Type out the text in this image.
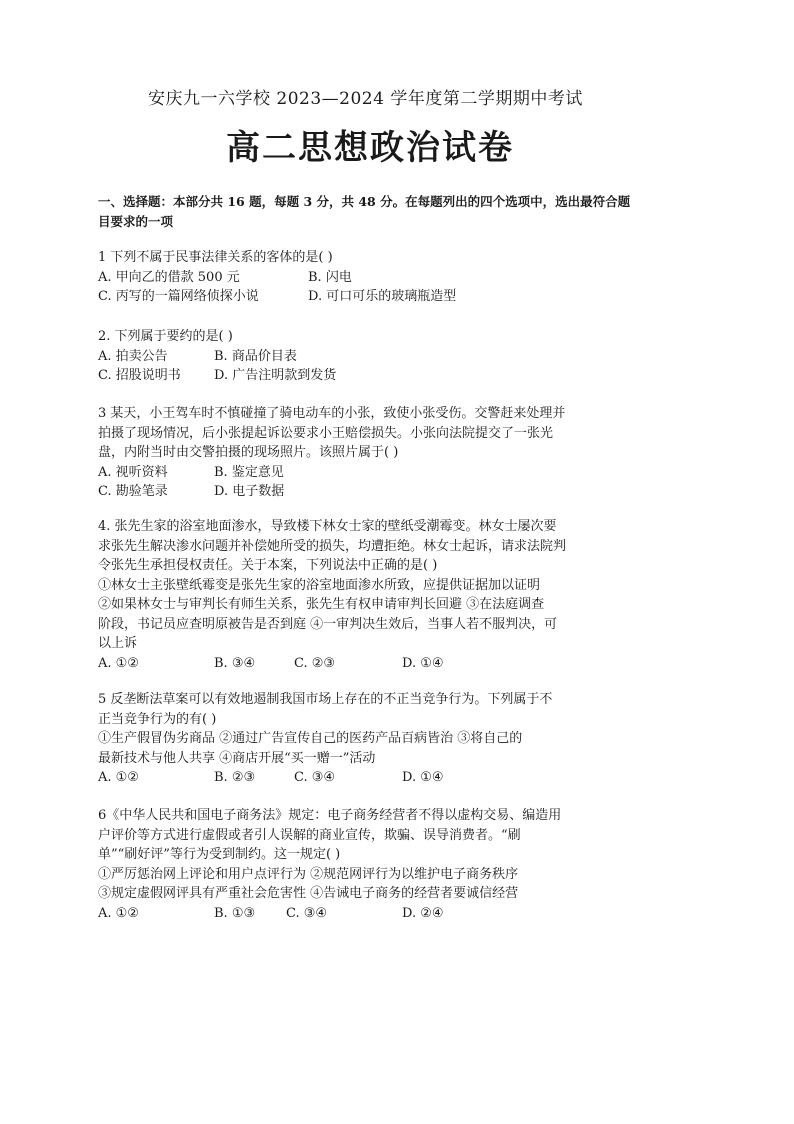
安庆九一六学校 2023—2024 学年度第二学期期中考试
高二思想政治试卷
一、选择题：本部分共 16 题，每题 3 分，共 48 分。在每题列出的四个选项中，选出最符合题目要求的一项
1 下列不属于民事法律关系的客体的是( )
A. 甲向乙的借款 500 元	B. 闪电
C. 丙写的一篇网络侦探小说	D. 可口可乐的玻璃瓶造型
2. 下列属于要约的是( )
A. 拍卖公告	B. 商品价目表
C. 招股说明书	D. 广告注明款到发货
3 某天，小王驾车时不慎碰撞了骑电动车的小张，致使小张受伤。交警赶来处理并
拍摄了现场情况，后小张提起诉讼要求小王赔偿损失。小张向法院提交了一张光
盘，内附当时由交警拍摄的现场照片。该照片属于( )
A. 视听资料	B. 鉴定意见
C. 勘验笔录	D. 电子数据
4. 张先生家的浴室地面渗水，导致楼下林女士家的壁纸受潮霉变。林女士屡次要
求张先生解决渗水问题并补偿她所受的损失，均遭拒绝。林女士起诉，请求法院判
令张先生承担侵权责任。关于本案，下列说法中正确的是( )
①林女士主张壁纸霉变是张先生家的浴室地面渗水所致，应提供证据加以证明
②如果林女士与审判长有师生关系，张先生有权申请审判长回避 ③在法庭调查
阶段，书记员应查明原被告是否到庭 ④一审判决生效后，当事人若不服判决，可
以上诉
A. ①②	B. ③④	C. ②③	D. ①④
5 反垄断法草案可以有效地遏制我国市场上存在的不正当竞争行为。下列属于不
正当竞争行为的有( )
①生产假冒伪劣商品 ②通过广告宣传自己的医药产品百病皆治 ③将自己的
最新技术与他人共享 ④商店开展“买一赠一”活动
A. ①②	B. ②③	C. ③④	D. ①④
6《中华人民共和国电子商务法》规定：电子商务经营者不得以虚构交易、编造用
户评价等方式进行虚假或者引人误解的商业宣传，欺骗、误导消费者。“刷
单”“刷好评”等行为受到制约。这一规定( )
①严厉惩治网上评论和用户点评行为 ②规范网评行为以维护电子商务秩序
③规定虚假网评具有严重社会危害性 ④告诫电子商务的经营者要诚信经营
A. ①②	B. ①③ C. ③④	D. ②④
